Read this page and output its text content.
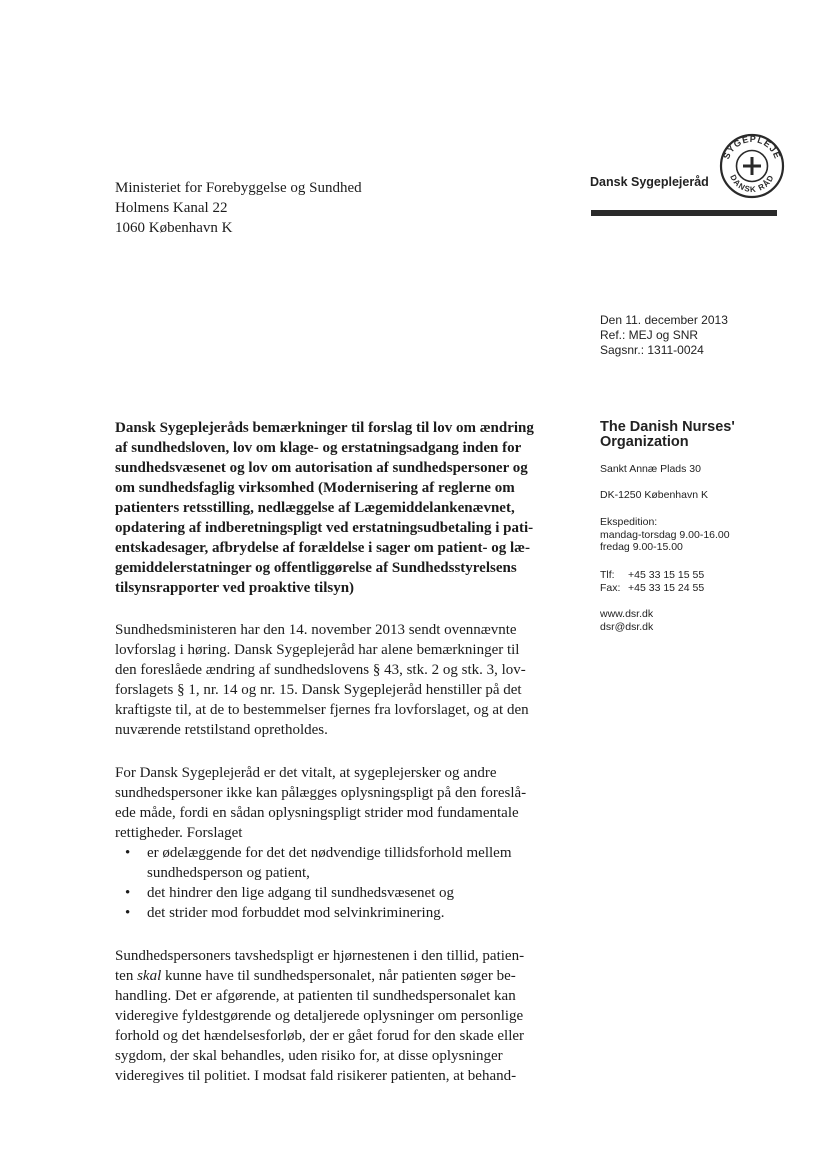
Ministeriet for Forebyggelse og Sundhed
Holmens Kanal 22
1060 København K
Dansk Sygeplejeråd
SYGEPLEJE
DANSK RÅD
Den 11. december 2013
Ref.: MEJ og SNR
Sagsnr.: 1311-0024
The Danish Nurses' Organization
Sankt Annæ Plads 30
DK-1250 København K
Ekspedition:
mandag-torsdag 9.00-16.00
fredag 9.00-15.00
Tlf:	+45 33 15 15 55
Fax: +45 33 15 24 55
www.dsr.dk
dsr@dsr.dk

Dansk Sygeplejeråds bemærkninger til forslag til lov om ændring
af sundhedsloven, lov om klage- og erstatningsadgang inden for
sundhedsvæsenet og lov om autorisation af sundhedspersoner og
om sundhedsfaglig virksomhed (Modernisering af reglerne om
patienters retsstilling, nedlæggelse af Lægemiddelankenævnet,
opdatering af indberetningspligt ved erstatningsudbetaling i pati-
entskadesager, afbrydelse af forældelse i sager om patient- og læ-
gemiddelerstatninger og offentliggørelse af Sundhedsstyrelsens
tilsynsrapporter ved proaktive tilsyn)

Sundhedsministeren har den 14. november 2013 sendt ovennævnte
lovforslag i høring. Dansk Sygeplejeråd har alene bemærkninger til
den foreslåede ændring af sundhedslovens § 43, stk. 2 og stk. 3, lov-
forslagets § 1, nr. 14 og nr. 15. Dansk Sygeplejeråd henstiller på det
kraftigste til, at de to bestemmelser fjernes fra lovforslaget, og at den
nuværende retstilstand opretholdes.

For Dansk Sygeplejeråd er det vitalt, at sygeplejersker og andre
sundhedspersoner ikke kan pålægges oplysningspligt på den foreslå-
ede måde, fordi en sådan oplysningspligt strider mod fundamentale
rettigheder. Forslaget

• er ødelæggende for det det nødvendige tillidsforhold mellem
sundhedsperson og patient,
• det hindrer den lige adgang til sundhedsvæsenet og
• det strider mod forbuddet mod selvinkriminering.

Sundhedspersoners tavshedspligt er hjørnestenen i den tillid, patien-
ten skal kunne have til sundhedspersonalet, når patienten søger be-
handling. Det er afgørende, at patienten til sundhedspersonalet kan
videregive fyldestgørende og detaljerede oplysninger om personlige
forhold og det hændelsesforløb, der er gået forud for den skade eller
sygdom, der skal behandles, uden risiko for, at disse oplysninger
videregives til politiet. I modsat fald risikerer patienten, at behand-
